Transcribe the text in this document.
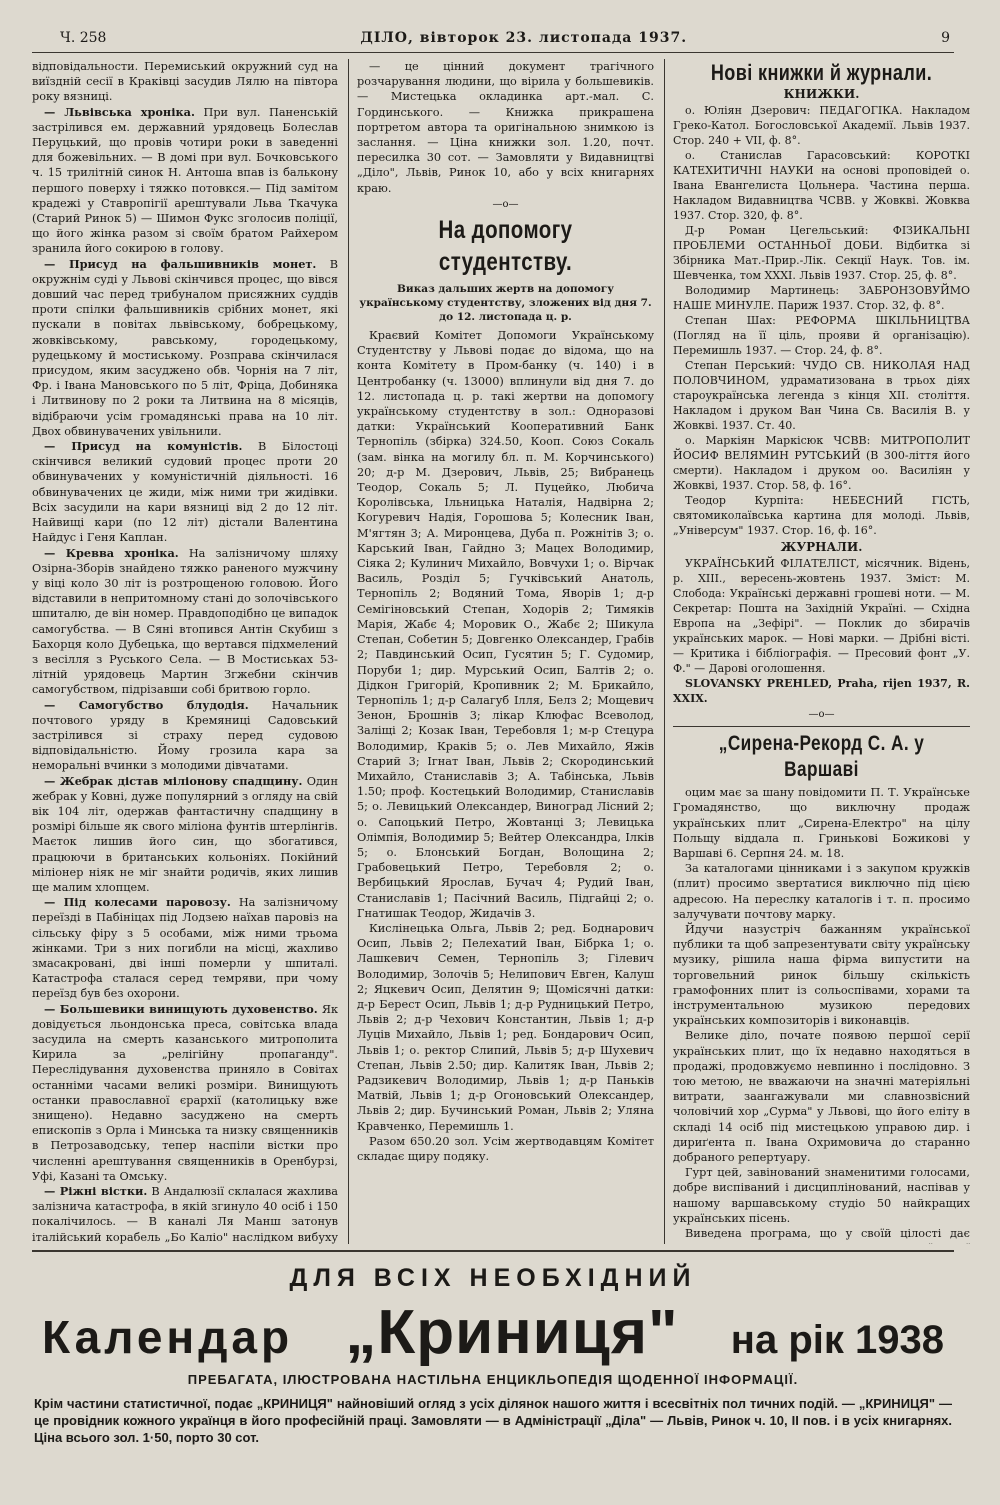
Ч. 258	ДІЛО, вівторок 23. листопада 1937.	9

відповідальности. Перемиський окружний суд на виїздній сесії в Краківці засудив Лялю на півтора року вязниці.

— Львівська хроніка. При вул. Паненській застрілився ем. державний урядовець Болеслав Перуцький, що провів чотири роки в заведенні для божевільних. — В домі при вул. Бочковського ч. 15 трилітній синок Н. Антоша впав із балькону першого поверху і тяжко потовкся.— Під замітом крадежі у Ставропігії арештували Льва Ткачука (Старий Ринок 5) — Шимон Фукс зголосив поліції, що його жінка разом зі своїм братом Райхером зранила його сокирою в голову.

— Присуд на фальшивників монет. В окружнім суді у Львові скінчився процес, що вівся довший час перед трибуналом присяжних суддів проти спілки фальшивників срібних монет, які пускали в повітах львівському, бобрецькому, жовківському, равському, городецькому, рудецькому й мостиському. Розправа скінчилася присудом, яким засуджено обв. Чорнія на 7 літ, Фр. і Івана Мановського по 5 літ, Фріца, Добиняка і Литвинову по 2 роки та Литвина на 8 місяців, відібраючи усім громадянські права на 10 літ. Двох обвинувачених увільнили.

— Присуд на комуністів. В Білостоці скінчився великий судовий процес проти 20 обвинувачених у комуністичній діяльності. 16 обвинувачених це жиди, між ними три жидівки. Всіх засудили на кари вязниці від 2 до 12 літ. Найвищі кари (по 12 літ) дістали Валентина Найдус і Геня Каплан.

— Кревва хроніка. На залізничому шляху Озірна-Зборів знайдено тяжко раненого мужчину у віці коло 30 літ із розтрощеною головою. Його відставили в непритомному стані до золочівського шпиталю, де він номер. Правдоподібно це випадок самогубства. — В Сяні втопився Антін Скубиш з Бахорця коло Дубецька, що вертався підхмелений з весілля з Руського Села. — В Мостиськах 53-літній урядовець Мартин Згжебни скінчив самогубством, підрізавши собі бритвою горло.

— Самогубство блудодія. Начальник почтового уряду в Кремяниці Садовський застрілився зі страху перед судовою відповідальністю. Йому грозила кара за неморальні вчинки з молодими дівчатами.

— Жебрак дістав міліонову спадщину. Один жебрак у Ковні, дуже популярний з огляду на свій вік 104 літ, одержав фантастичну спадщину в розмірі більше як свого міліона фунтів штерлінгів. Маєток лишив його син, що збогатився, працюючи в британських кольоніях. Покійний міліонер ніяк не міг знайти родичів, яких лишив ще малим хлопцем.

— Під колесами паровозу. На залізничому переїзді в Пабініцах під Лодзею наїхав паровіз на сільську фіру з 5 особами, між ними трьома жінками. Три з них погибли на місці, жахливо змасакровані, дві інші померли у шпиталі. Катастрофа сталася серед темряви, при чому переїзд був без охорони.

— Большевики винищують духовенство. Як довідується льондонська преса, совітська влада засудила на смерть казанського митрополита Кирила за „релігійну пропаганду". Переслідування духовенства приняло в Совітах останніми часами великі розміри. Винищують останки православної єрархії (католицьку вже знищено). Недавно засуджено на смерть епископів з Орла і Минська та низку священників в Петрозаводську, тепер наспіли вістки про численні арештування священників в Оренбурзі, Уфі, Казані та Омську.

— Ріжні вістки. В Андалюзії склалася жахлива залізнича катастрофа, в якій згинуло 40 осіб і 150 покалічилось. — В каналі Ля Манш затонув італійський корабель „Бо Каліо" наслідком вибуху

— це цінний документ трагічного розчарування людини, що вірила у большевиків. — Мистецька окладинка арт.-мал. С. Гординського. — Книжка прикрашена портретом автора та оригінальною знимкою із заслання. — Ціна книжки зол. 1.20, почт. пересилка 30 сот. — Замовляти у Видавництві „Діло", Львів, Ринок 10, або у всіх книгарнях краю.

—o—
На допомогу студентству.
Виказ дальших жертв на допомогу українському студентству, зложених від дня 7. до 12. листопада ц. р.

Краєвий Комітет Допомоги Українському Студентству у Львові подає до відома, що на конта Комітету в Пром-банку (ч. 140) і в Центробанку (ч. 13000) вплинули від дня 7. до 12. листопада ц. р. такі жертви на допомогу українському студентству в зол.: Одноразові датки: Український Кооперативний Банк Тернопіль (збірка) 324.50, Кооп. Союз Сокаль (зам. вінка на могилу бл. п. М. Корчинського) 20; д-р М. Дзерович, Львів, 25; Вибранець Теодор, Сокаль 5; Л. Пуцейко, Любича Королівська, Ільницька Наталія, Надвірна 2; Когуревич Надія, Горошова 5; Колесник Іван, М'ягтян 3; А. Миронцева, Дуба п. Рожнітів 3; о. Карський Іван, Гайдно 3; Мацех Володимир, Сіяка 2; Кулинич Михайло, Вовчухи 1; о. Вірчак Василь, Розділ 5; Гучківський Анатоль, Тернопіль 2; Водяний Тома, Яворів 1; д-р Семігіновський Степан, Ходорів 2; Тимяків Марія, Жабє 4; Моровик О., Жабє 2; Шикула Степан, Собетин 5; Довгенко Олександер, Грабів 2; Павдинський Осип, Гусятин 5; Г. Судомир, Поруби 1; дир. Мурський Осип, Балтів 2; о. Дідкон Григорій, Кропивник 2; М. Брикайло, Тернопіль 1; д-р Салагуб Ілля, Белз 2; Мощевич Зенон, Брошнів 3; лікар Клюфас Всеволод, Заліщі 2; Козак Іван, Теребовля 1; м-р Стецура Володимир, Краків 5; о. Лев Михайло, Яжів Старий 3; Ігнат Іван, Львів 2; Скородинський Михайло, Станиславів 3; А. Табінська, Львів 1.50; проф. Костецький Володимир, Станиславів 5; о. Левицький Олександер, Виноград Лісний 2; о. Сапоцький Петро, Жовтанці 3; Левицька Олімпія, Володимир 5; Вейтер Олександра, Ілків 5; о. Блонський Богдан, Волощина 2; Грабовецький Петро, Теребовля 2; о. Вербицький Ярослав, Бучач 4; Рудий Іван, Станиславів 1; Пасічний Василь, Підгайці 2; о. Гнатишак Теодор, Жидачів 3.

Кислінецька Ольга, Львів 2; ред. Боднарович Осип, Львів 2; Пелехатий Іван, Бібрка 1; о. Лашкевич Семен, Тернопіль 3; Гілевич Володимир, Золочів 5; Нелипович Евген, Калуш 2; Яцкевич Осип, Делятин 9; Щомісячні датки: д-р Берест Осип, Львів 1; д-р Рудницький Петро, Львів 2; д-р Чехович Константин, Львів 1; д-р Луців Михайло, Львів 1; ред. Бондарович Осип, Львів 1; о. ректор Слипий, Львів 5; д-р Шухевич Степан, Львів 2.50; дир. Калитяк Іван, Львів 2; Радзикевич Володимир, Львів 1; д-р Паньків Матвій, Львів 1; д-р Огоновський Олександер, Львів 2; дир. Бучинський Роман, Львів 2; Уляна Кравченко, Перемишль 1.

Разом 650.20 зол. Усім жертводавцям Комітет складає щиру подяку.

Нові книжки й журнали.
КНИЖКИ.

о. Юліян Дзерович: ПЕДАГОГІКА. Накладом Греко-Катол. Богословської Академії. Львів 1937. Стор. 240 + VII, ф. 8°.

о. Станислав Гарасовський: КОРОТКІ КАТЕХИТИЧНІ НАУКИ на основі проповідей о. Івана Евангелиста Цольнера. Частина перша. Накладом Видавництва ЧСВВ. у Жовкві. Жовква 1937. Стор. 320, ф. 8°.

Д-р Роман Цегельський: ФІЗИКАЛЬНІ ПРОБЛЕМИ ОСТАННЬОЇ ДОБИ. Відбитка зі Збірника Мат.-Прир.-Лік. Секції Наук. Тов. ім. Шевченка, том XXXI. Львів 1937. Стор. 25, ф. 8°.

Володимир Мартинець: ЗАБРОНЗОВУЙМО НАШЕ МИНУЛЕ. Париж 1937. Стор. 32, ф. 8°.

Степан Шах: РЕФОРМА ШКІЛЬНИЦТВА (Погляд на її ціль, прояви й організацію). Перемишль 1937. — Стор. 24, ф. 8°.

Степан Перський: ЧУДО СВ. НИКОЛАЯ НАД ПОЛОВЧИНОМ, удраматизована в трьох діях староукраїнська легенда з кінця XII. століття. Накладом і друком Ван Чина Св. Василія В. у Жовкві. 1937. Ст. 40.

о. Маркіян Маркісюк ЧСВВ: МИТРОПОЛИТ ЙОСИФ ВЕЛЯМИН РУТСЬКИЙ (В 300-ліття його смерти). Накладом і друком оо. Василіян у Жовкві, 1937. Стор. 58, ф. 16°.

Теодор Курпіта: НЕБЕСНИЙ ГІСТЬ, святомиколаївська картина для молоді. Львів, „Універсум" 1937. Стор. 16, ф. 16°.

ЖУРНАЛИ.

УКРАЇНСЬКИЙ ФІЛАТЕЛІСТ, місячник. Відень, р. XIII., вересень-жовтень 1937. Зміст: М. Слобода: Українські державні грошеві ноти. — М. Секретар: Пошта на Західній Україні. — Східна Европа на „Зефірі". — Поклик до збирачів українських марок. — Нові марки. — Дрібні вісті. — Критика і бібліографія. — Пресовий фонт „У. Ф." — Дарові оголошення.

SLOVANSKY PREHLED, Praha, rijen 1937, R. XXIX.

—o—
„Сирена-Рекорд С. А. у Варшаві

оцим має за шану повідомити П. Т. Українське Громадянство, що виключну продаж українських плит „Сирена-Електро" на цілу Польщу віддала п. Гриньковi Божиковi у Варшаві 6. Серпня 24. м. 18.

За каталогами цінниками і з закупом кружків (плит) просимо звертатися виключно під цією адресою. На переслку каталогів і т. п. просимо залучувати почтову марку.

Йдучи назустріч бажанням української публики та щоб запрезентувати світу українську музику, рішила наша фірма випустити на торговельний ринок більшу скількість грамофонних плит із сольоспівами, хорами та інструментальною музикою передових українських композиторів і виконавців.

Велике діло, почате появою першої серії українських плит, що їх недавно находяться в продажі, продовжуємо невпинно і послідовно. З тою метою, не вважаючи на значні матеріяльні витрати, заангажували ми славнозвісний чоловічий хор „Сурма" у Львові, що його еліту в складі 14 осіб під мистецькою управою дир. і дириґента п. Івана Охримовича до старанно добраного репертуару.

Гурт цей, завінований знаменитими голосами, добре виспіваний і дисциплінований, наспівав у нашому варшавському студіо 50 найкращих українських пісень.

Виведена програма, що у своїй цілості дає

ДЛЯ ВСІХ НЕОБХІДНИЙ
Календар „Криниця" на рік 1938
ПРЕБАГАТА, ІЛЮСТРОВАНА НАСТІЛЬНА ЕНЦИКЛЬОПЕДІЯ ЩОДЕННОЇ ІНФОРМАЦІЇ.
Крім частини статистичної, подає „КРИНИЦЯ" найновіший огляд з усіх ділянок нашого життя і всесвітніх пол тичних подій. — „КРИНИЦЯ" — це провідник кожного українця в його професійній праці. Замовляти — в Адміністрації „Діла" — Львів, Ринок ч. 10, ІІ пов. і в усіх книгарнях. Ціна всього зол. 1·50, порто 30 сот.
